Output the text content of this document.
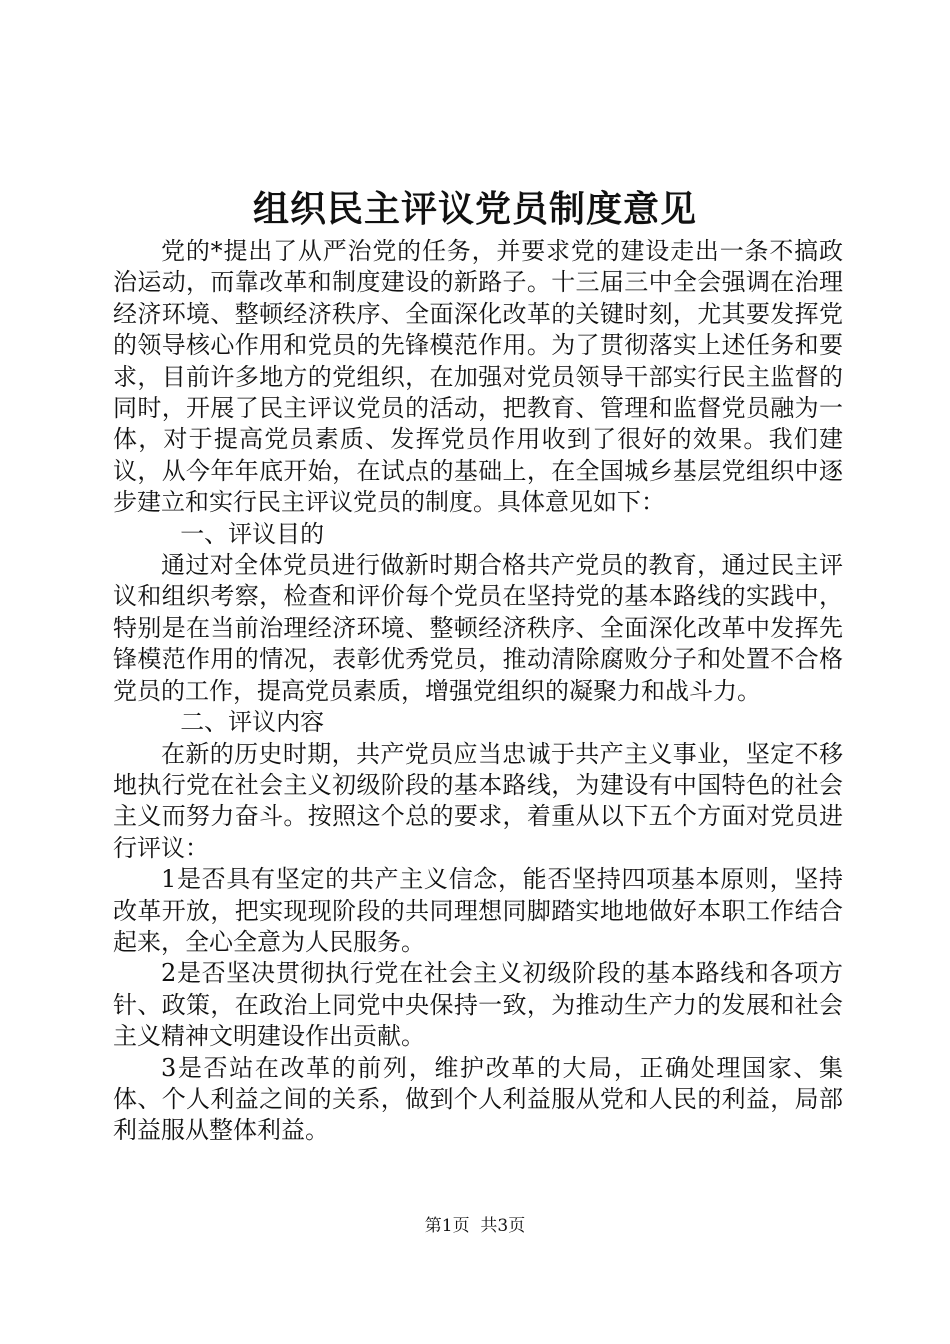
组织民主评议党员制度意见

党的*提出了从严治党的任务，并要求党的建设走出一条不搞政治运动，而靠改革和制度建设的新路子。十三届三中全会强调在治理经济环境、整顿经济秩序、全面深化改革的关键时刻，尤其要发挥党的领导核心作用和党员的先锋模范作用。为了贯彻落实上述任务和要求，目前许多地方的党组织，在加强对党员领导干部实行民主监督的同时，开展了民主评议党员的活动，把教育、管理和监督党员融为一体，对于提高党员素质、发挥党员作用收到了很好的效果。我们建议，从今年年底开始，在试点的基础上，在全国城乡基层党组织中逐步建立和实行民主评议党员的制度。具体意见如下：

一、评议目的

通过对全体党员进行做新时期合格共产党员的教育，通过民主评议和组织考察，检查和评价每个党员在坚持党的基本路线的实践中，特别是在当前治理经济环境、整顿经济秩序、全面深化改革中发挥先锋模范作用的情况，表彰优秀党员，推动清除腐败分子和处置不合格党员的工作，提高党员素质，增强党组织的凝聚力和战斗力。

二、评议内容

在新的历史时期，共产党员应当忠诚于共产主义事业，坚定不移地执行党在社会主义初级阶段的基本路线，为建设有中国特色的社会主义而努力奋斗。按照这个总的要求，着重从以下五个方面对党员进行评议：

1是否具有坚定的共产主义信念，能否坚持四项基本原则，坚持改革开放，把实现现阶段的共同理想同脚踏实地地做好本职工作结合起来，全心全意为人民服务。

2是否坚决贯彻执行党在社会主义初级阶段的基本路线和各项方针、政策，在政治上同党中央保持一致，为推动生产力的发展和社会主义精神文明建设作出贡献。

3是否站在改革的前列，维护改革的大局，正确处理国家、集体、个人利益之间的关系，做到个人利益服从党和人民的利益，局部利益服从整体利益。

第1页 共3页
